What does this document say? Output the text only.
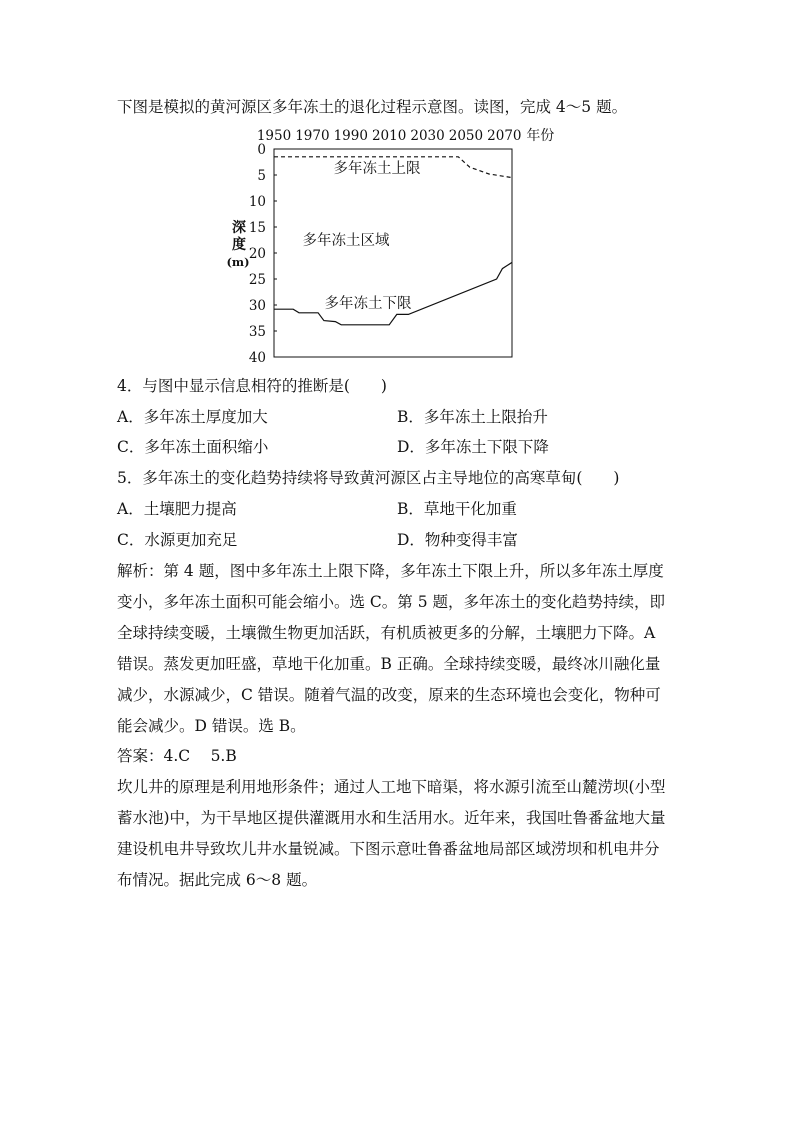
下图是模拟的黄河源区多年冻土的退化过程示意图。读图，完成 4～5 题。
1950 1970 1990 2010 2030 2050 2070 年份
0
5
10
15
20
25
30
35
40
深
度
(m)
多年冻土上限
多年冻土区域
多年冻土下限
4．与图中显示信息相符的推断是(　　)
A．多年冻土厚度加大	B．多年冻土上限抬升
C．多年冻土面积缩小	D．多年冻土下限下降
5．多年冻土的变化趋势持续将导致黄河源区占主导地位的高寒草甸(　　)
A．土壤肥力提高	B．草地干化加重
C．水源更加充足	D．物种变得丰富
解析：第 4 题，图中多年冻土上限下降，多年冻土下限上升，所以多年冻土厚度
变小，多年冻土面积可能会缩小。选 C。第 5 题，多年冻土的变化趋势持续，即
全球持续变暖，土壤微生物更加活跃，有机质被更多的分解，土壤肥力下降。A
错误。蒸发更加旺盛，草地干化加重。B 正确。全球持续变暖，最终冰川融化量
减少，水源减少，C 错误。随着气温的改变，原来的生态环境也会变化，物种可
能会减少。D 错误。选 B。
答案：4.C　 5.B
坎儿井的原理是利用地形条件；通过人工地下暗渠，将水源引流至山麓涝坝(小型
蓄水池)中，为干旱地区提供灌溉用水和生活用水。近年来，我国吐鲁番盆地大量
建设机电井导致坎儿井水量锐减。下图示意吐鲁番盆地局部区域涝坝和机电井分
布情况。据此完成 6～8 题。
